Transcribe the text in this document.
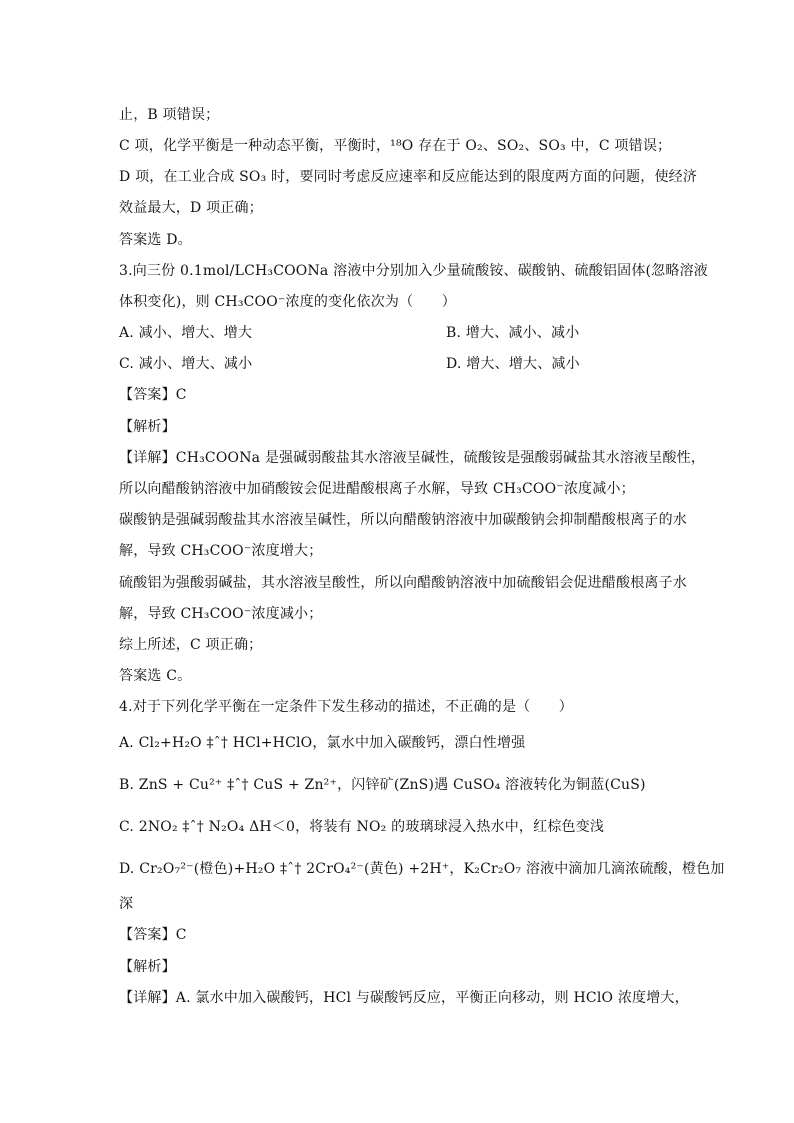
止，B 项错误；
C 项，化学平衡是一种动态平衡，平衡时，¹⁸O 存在于 O₂、SO₂、SO₃ 中，C 项错误；
D 项，在工业合成 SO₃ 时，要同时考虑反应速率和反应能达到的限度两方面的问题，使经济
效益最大，D 项正确；
答案选 D。
3.向三份 0.1mol/LCH₃COONa 溶液中分别加入少量硫酸铵、碳酸钠、硫酸铝固体(忽略溶液
体积变化)，则 CH₃COO⁻浓度的变化依次为（　　）
A. 减小、增大、增大	B. 增大、减小、减小
C. 减小、增大、减小	D. 增大、增大、减小
【答案】C
【解析】
【详解】CH₃COONa 是强碱弱酸盐其水溶液呈碱性，硫酸铵是强酸弱碱盐其水溶液呈酸性，
所以向醋酸钠溶液中加硝酸铵会促进醋酸根离子水解，导致 CH₃COO⁻浓度减小；
碳酸钠是强碱弱酸盐其水溶液呈碱性，所以向醋酸钠溶液中加碳酸钠会抑制醋酸根离子的水
解，导致 CH₃COO⁻浓度增大；
硫酸铝为强酸弱碱盐，其水溶液呈酸性，所以向醋酸钠溶液中加硫酸铝会促进醋酸根离子水
解，导致 CH₃COO⁻浓度减小；
综上所述，C 项正确；
答案选 C。
4.对于下列化学平衡在一定条件下发生移动的描述，不正确的是（　　）
A. Cl₂+H₂O ‡ˆ† HCl+HClO，氯水中加入碳酸钙，漂白性增强
B. ZnS + Cu²⁺ ‡ˆ† CuS + Zn²⁺，闪锌矿(ZnS)遇 CuSO₄ 溶液转化为铜蓝(CuS)
C. 2NO₂ ‡ˆ† N₂O₄ ΔH＜0，将装有 NO₂ 的玻璃球浸入热水中，红棕色变浅
D. Cr₂O₇²⁻(橙色)+H₂O ‡ˆ† 2CrO₄²⁻(黄色) +2H⁺，K₂Cr₂O₇ 溶液中滴加几滴浓硫酸，橙色加
深
【答案】C
【解析】
【详解】A. 氯水中加入碳酸钙，HCl 与碳酸钙反应，平衡正向移动，则 HClO 浓度增大，
